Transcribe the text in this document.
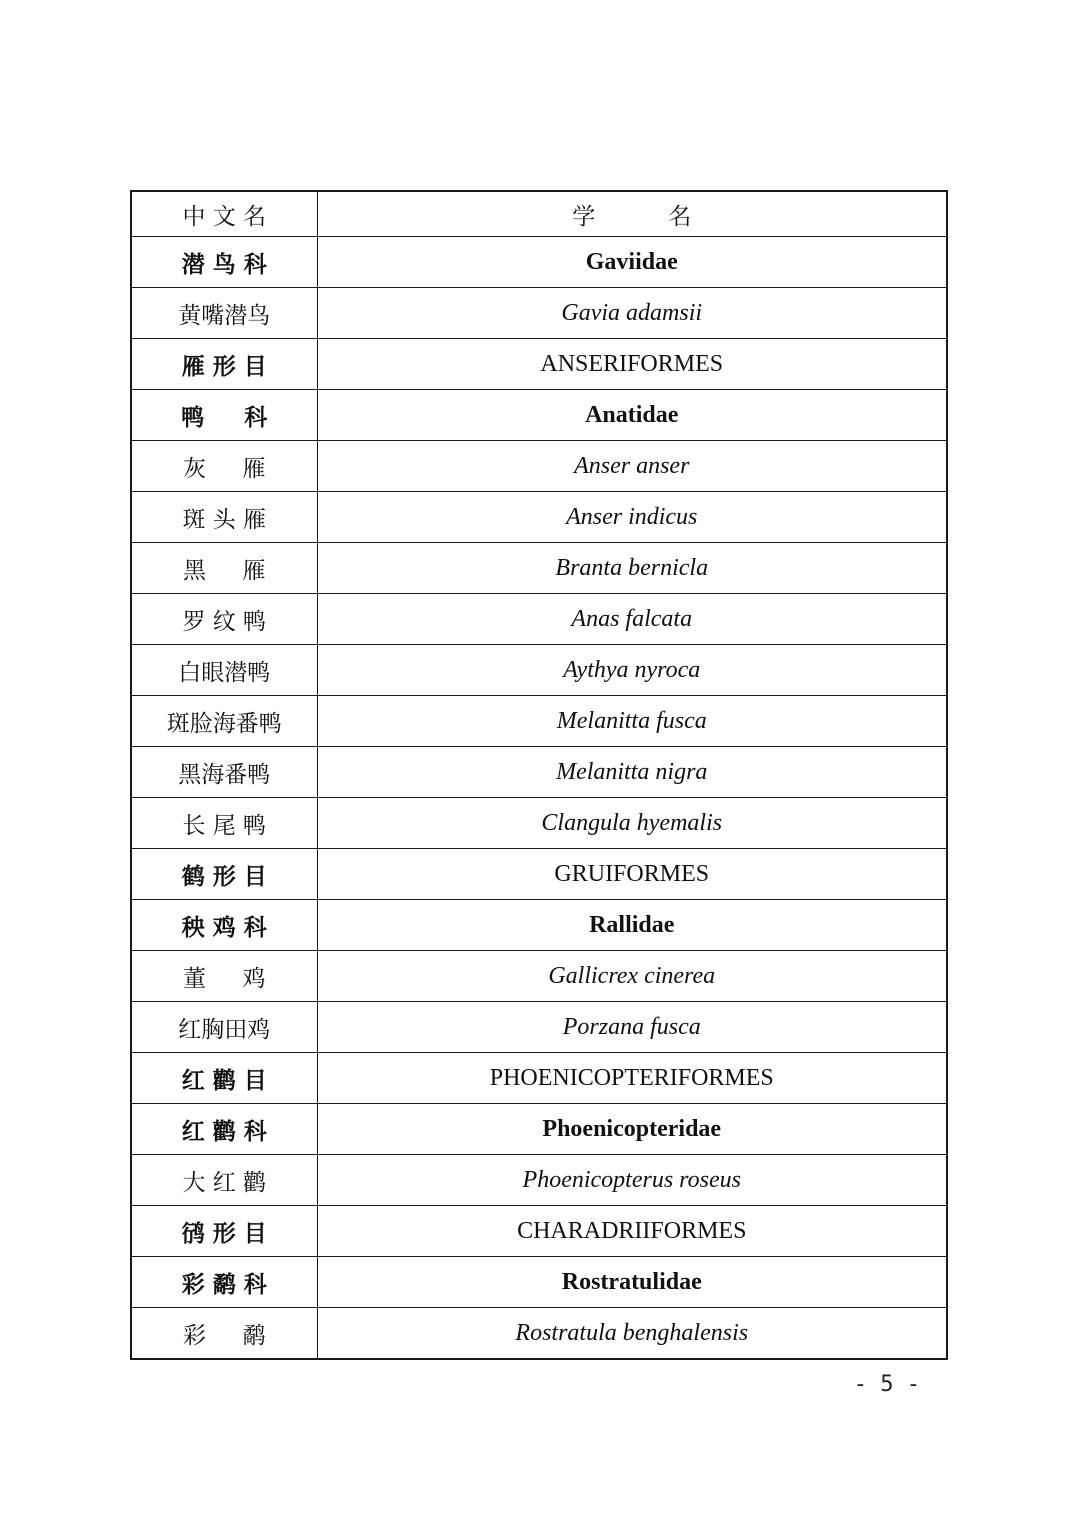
中 文 名	学          名
潜 鸟 科	Gaviidae
黄嘴潜鸟	Gavia adamsii
雁 形 目	ANSERIFORMES
鸭     科	Anatidae
灰     雁	Anser anser
斑 头 雁	Anser indicus
黑     雁	Branta bernicla
罗 纹 鸭	Anas falcata
白眼潜鸭	Aythya nyroca
斑脸海番鸭	Melanitta fusca
黑海番鸭	Melanitta nigra
长 尾 鸭	Clangula hyemalis
鹤 形 目	GRUIFORMES
秧 鸡 科	Rallidae
董     鸡	Gallicrex cinerea
红胸田鸡	Porzana fusca
红 鹳 目	PHOENICOPTERIFORMES
红 鹳 科	Phoenicopteridae
大 红 鹳	Phoenicopterus roseus
鸻 形 目	CHARADRIIFORMES
彩 鹬 科	Rostratulidae
彩     鹬	Rostratula benghalensis
- 5 -
